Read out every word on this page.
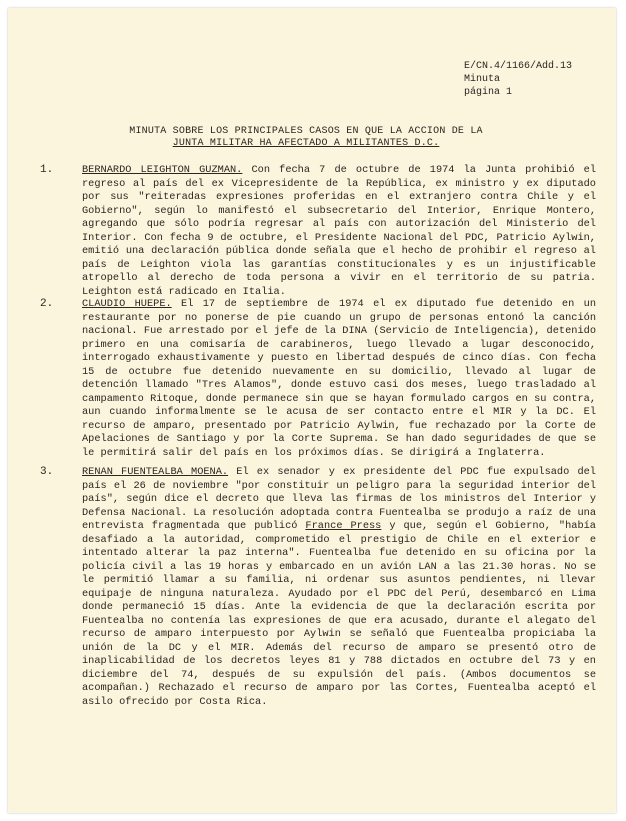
E/CN.4/1166/Add.13
Minuta
página 1
MINUTA SOBRE LOS PRINCIPALES CASOS EN QUE LA ACCION DE LA
JUNTA MILITAR HA AFECTADO A MILITANTES D.C.
1.	BERNARDO LEIGHTON GUZMAN. Con fecha 7 de octubre de 1974 la Junta prohibió el regreso al país del ex Vicepresidente de la República, ex ministro y ex diputado por sus "reiteradas expresiones proferidas en el extranjero contra Chile y el Gobierno", según lo manifestó el subsecretario del Interior, Enrique Montero, agregando que sólo podría regresar al país con autorización del Ministerio del Interior. Con fecha 9 de octubre, el Presidente Nacional del PDC, Patricio Aylwin, emitió una declaración pública donde señala que el hecho de prohibir el regreso al país de Leighton viola las garantías constitucionales y es un injustificable atropello al derecho de toda persona a vivir en el territorio de su patria. Leighton está radicado en Italia.
2.	CLAUDIO HUEPE. El 17 de septiembre de 1974 el ex diputado fue detenido en un restaurante por no ponerse de pie cuando un grupo de personas entonó la canción nacional. Fue arrestado por el jefe de la DINA (Servicio de Inteligencia), detenido primero en una comisaría de carabineros, luego llevado a lugar desconocido, interrogado exhaustivamente y puesto en libertad después de cinco días. Con fecha 15 de octubre fue detenido nuevamente en su domicilio, llevado al lugar de detención llamado "Tres Alamos", donde estuvo casi dos meses, luego trasladado al campamento Ritoque, donde permanece sin que se hayan formulado cargos en su contra, aun cuando informalmente se le acusa de ser contacto entre el MIR y la DC. El recurso de amparo, presentado por Patricio Aylwin, fue rechazado por la Corte de Apelaciones de Santiago y por la Corte Suprema. Se han dado seguridades de que se le permitirá salir del país en los próximos días. Se dirigirá a Inglaterra.
3.	RENAN FUENTEALBA MOENA. El ex senador y ex presidente del PDC fue expulsado del país el 26 de noviembre "por constituir un peligro para la seguridad interior del país", según dice el decreto que lleva las firmas de los ministros del Interior y Defensa Nacional. La resolución adoptada contra Fuentealba se produjo a raíz de una entrevista fragmentada que publicó France Press y que, según el Gobierno, "había desafiado a la autoridad, comprometido el prestigio de Chile en el exterior e intentado alterar la paz interna". Fuentealba fue detenido en su oficina por la policía civil a las 19 horas y embarcado en un avión LAN a las 21.30 horas. No se le permitió llamar a su familia, ni ordenar sus asuntos pendientes, ni llevar equipaje de ninguna naturaleza. Ayudado por el PDC del Perú, desembarcó en Lima donde permaneció 15 días. Ante la evidencia de que la declaración escrita por Fuentealba no contenía las expresiones de que era acusado, durante el alegato del recurso de amparo interpuesto por Aylwin se señaló que Fuentealba propiciaba la unión de la DC y el MIR. Además del recurso de amparo se presentó otro de inaplicabilidad de los decretos leyes 81 y 788 dictados en octubre del 73 y en diciembre del 74, después de su expulsión del país. (Ambos documentos se acompañan.) Rechazado el recurso de amparo por las Cortes, Fuentealba aceptó el asilo ofrecido por Costa Rica.
